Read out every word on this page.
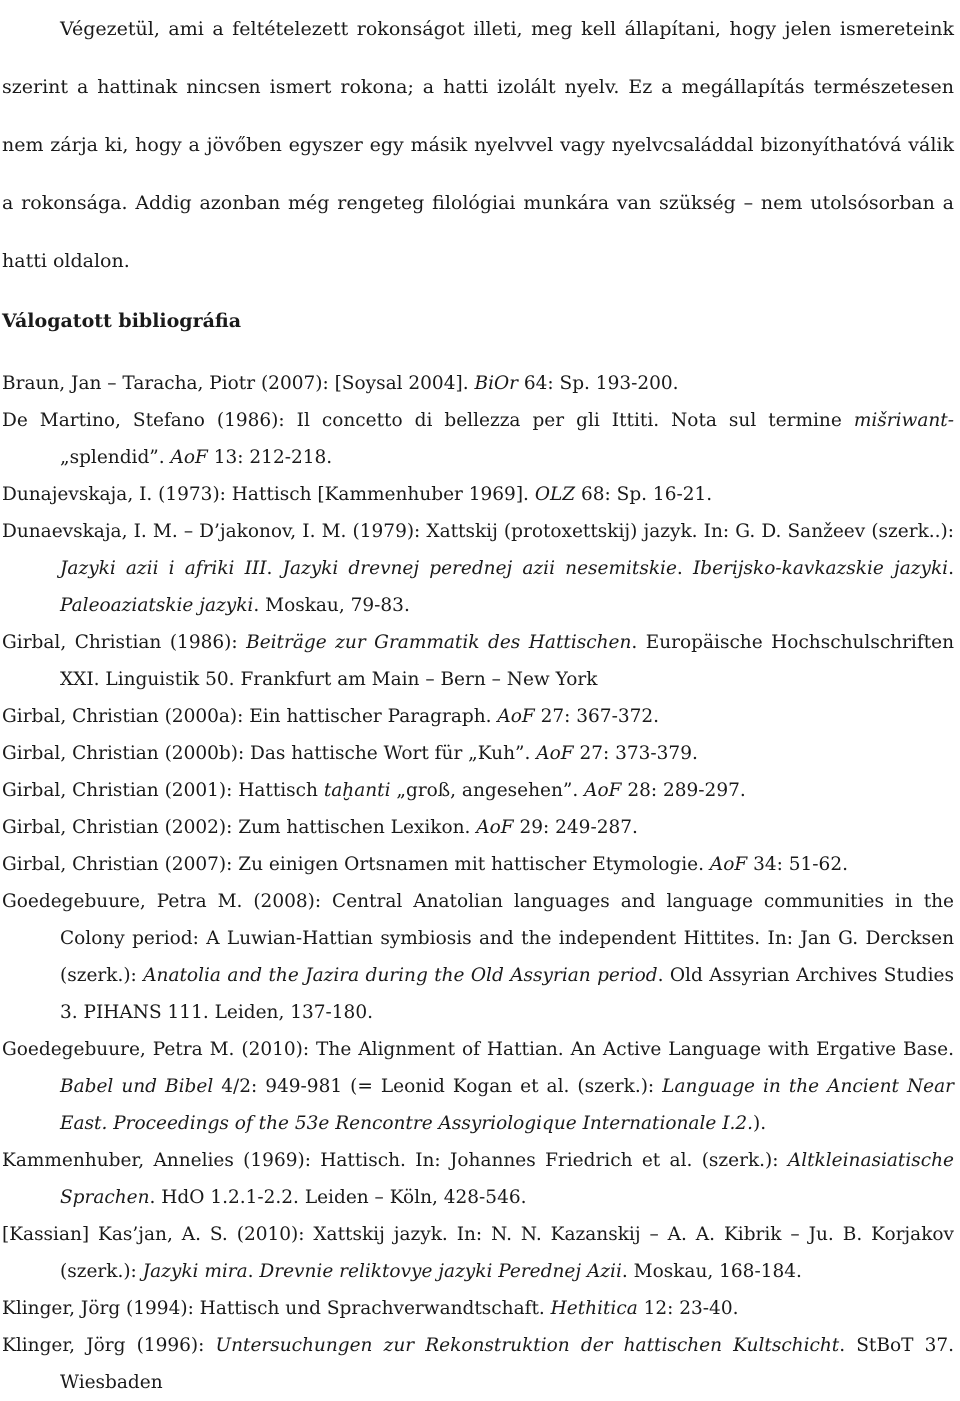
Végezetül, ami a feltételezett rokonságot illeti, meg kell állapítani, hogy jelen ismereteink szerint a hattinak nincsen ismert rokona; a hatti izolált nyelv. Ez a megállapítás természetesen nem zárja ki, hogy a jövőben egyszer egy másik nyelvvel vagy nyelvcsaláddal bizonyíthatóvá válik a rokonsága. Addig azonban még rengeteg filológiai munkára van szükség – nem utolsósorban a hatti oldalon.

Válogatott bibliográfia
Braun, Jan – Taracha, Piotr (2007): [Soysal 2004]. BiOr 64: Sp. 193-200.
De Martino, Stefano (1986): Il concetto di bellezza per gli Ittiti. Nota sul termine mišriwant- „splendid”. AoF 13: 212-218.
Dunajevskaja, I. (1973): Hattisch [Kammenhuber 1969]. OLZ 68: Sp. 16-21.
Dunaevskaja, I. M. – D’jakonov, I. M. (1979): Xattskij (protoxettskij) jazyk. In: G. D. Sanžeev (szerk..): Jazyki azii i afriki III. Jazyki drevnej perednej azii nesemitskie. Iberijsko-kavkazskie jazyki. Paleoaziatskie jazyki. Moskau, 79-83.
Girbal, Christian (1986): Beiträge zur Grammatik des Hattischen. Europäische Hochschulschriften XXI. Linguistik 50. Frankfurt am Main – Bern – New York
Girbal, Christian (2000a): Ein hattischer Paragraph. AoF 27: 367-372.
Girbal, Christian (2000b): Das hattische Wort für „Kuh”. AoF 27: 373-379.
Girbal, Christian (2001): Hattisch taḫanti „groß, angesehen”. AoF 28: 289-297.
Girbal, Christian (2002): Zum hattischen Lexikon. AoF 29: 249-287.
Girbal, Christian (2007): Zu einigen Ortsnamen mit hattischer Etymologie. AoF 34: 51-62.
Goedegebuure, Petra M. (2008): Central Anatolian languages and language communities in the Colony period: A Luwian-Hattian symbiosis and the independent Hittites. In: Jan G. Dercksen (szerk.): Anatolia and the Jazira during the Old Assyrian period. Old Assyrian Archives Studies 3. PIHANS 111. Leiden, 137-180.
Goedegebuure, Petra M. (2010): The Alignment of Hattian. An Active Language with Ergative Base. Babel und Bibel 4/2: 949-981 (= Leonid Kogan et al. (szerk.): Language in the Ancient Near East. Proceedings of the 53e Rencontre Assyriologique Internationale I.2.).
Kammenhuber, Annelies (1969): Hattisch. In: Johannes Friedrich et al. (szerk.): Altkleinasiatische Sprachen. HdO 1.2.1-2.2. Leiden – Köln, 428-546.
[Kassian] Kas’jan, A. S. (2010): Xattskij jazyk. In: N. N. Kazanskij – A. A. Kibrik – Ju. B. Korjakov (szerk.): Jazyki mira. Drevnie reliktovye jazyki Perednej Azii. Moskau, 168-184.
Klinger, Jörg (1994): Hattisch und Sprachverwandtschaft. Hethitica 12: 23-40.
Klinger, Jörg (1996): Untersuchungen zur Rekonstruktion der hattischen Kultschicht. StBoT 37. Wiesbaden
